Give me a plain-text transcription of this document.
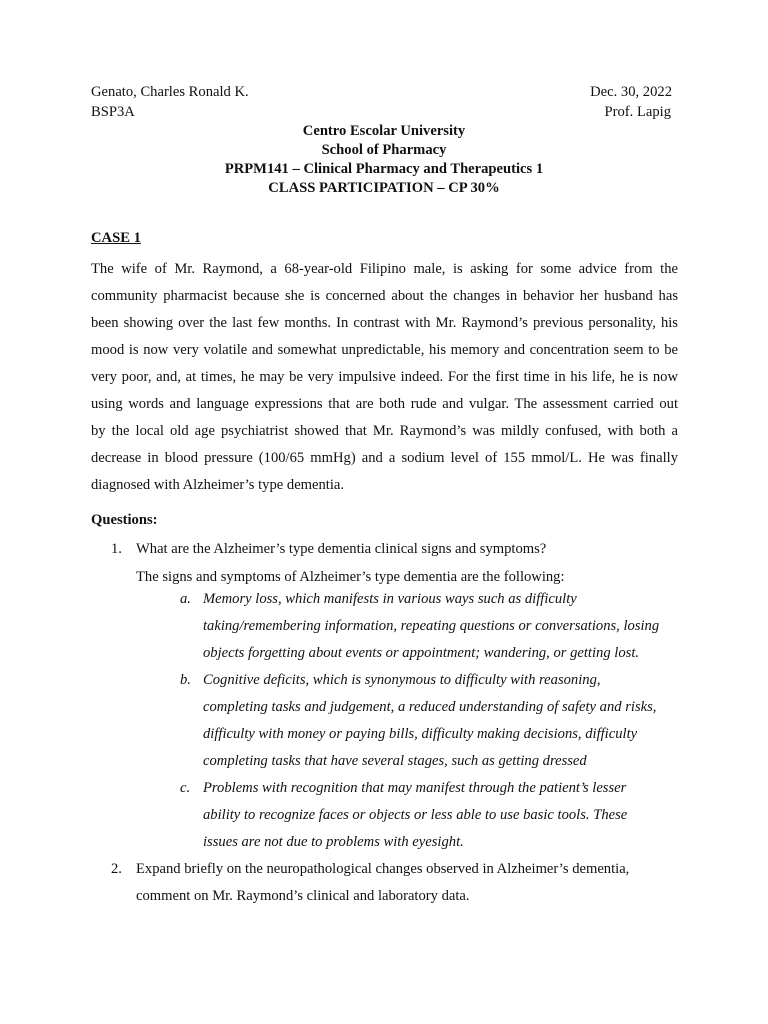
Genato, Charles Ronald K.	Dec. 30, 2022
BSP3A	Prof. Lapig
Centro Escolar University
School of Pharmacy
PRPM141 – Clinical Pharmacy and Therapeutics 1
CLASS PARTICIPATION – CP 30%
CASE 1
The wife of Mr. Raymond, a 68-year-old Filipino male, is asking for some advice from the
community pharmacist because she is concerned about the changes in behavior her husband has
been showing over the last few months. In contrast with Mr. Raymond’s previous personality, his
mood is now very volatile and somewhat unpredictable, his memory and concentration seem to be
very poor, and, at times, he may be very impulsive indeed. For the first time in his life, he is now
using words and language expressions that are both rude and vulgar. The assessment carried out
by the local old age psychiatrist showed that Mr. Raymond’s was mildly confused, with both a
decrease in blood pressure (100/65 mmHg) and a sodium level of 155 mmol/L. He was finally
diagnosed with Alzheimer’s type dementia.
Questions:
1. What are the Alzheimer’s type dementia clinical signs and symptoms?
The signs and symptoms of Alzheimer’s type dementia are the following:
a. Memory loss, which manifests in various ways such as difficulty
taking/remembering information, repeating questions or conversations, losing
objects forgetting about events or appointment; wandering, or getting lost.
b. Cognitive deficits, which is synonymous to difficulty with reasoning,
completing tasks and judgement, a reduced understanding of safety and risks,
difficulty with money or paying bills, difficulty making decisions, difficulty
completing tasks that have several stages, such as getting dressed
c. Problems with recognition that may manifest through the patient’s lesser
ability to recognize faces or objects or less able to use basic tools. These
issues are not due to problems with eyesight.
2. Expand briefly on the neuropathological changes observed in Alzheimer’s dementia,
comment on Mr. Raymond’s clinical and laboratory data.
